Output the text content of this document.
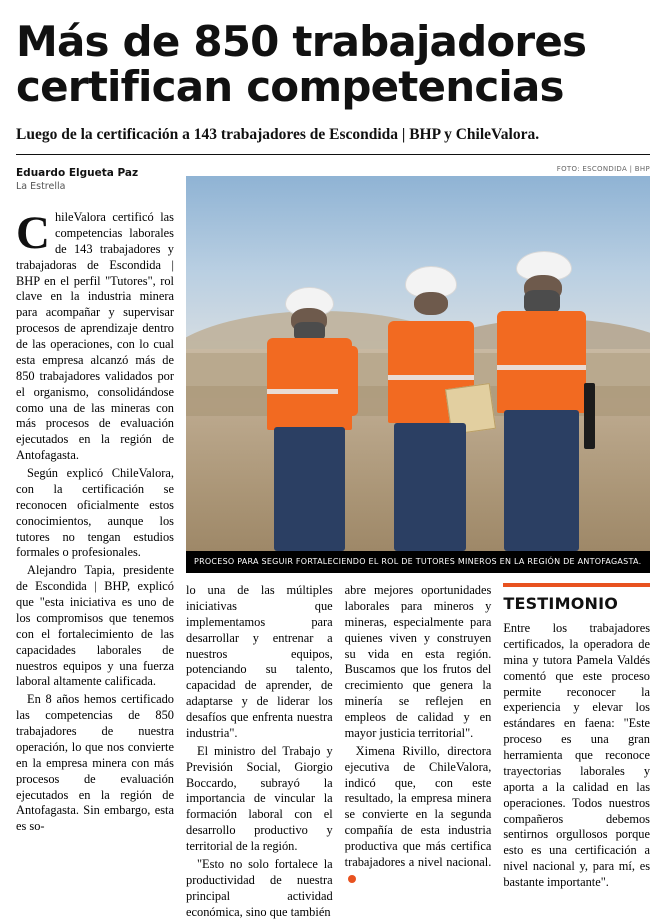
Más de 850 trabajadores
certifican competencias
Luego de la certificación a 143 trabajadores de Escondida | BHP y ChileValora.
Eduardo Elgueta Paz
La Estrella
FOTO: ESCONDIDA | BHP
PROCESO PARA SEGUIR FORTALECIENDO EL ROL DE TUTORES MINEROS EN LA REGIÓN DE ANTOFAGASTA.

ChileValora certificó las competencias laborales de 143 trabajadores y trabajadoras de Escondida | BHP en el perfil "Tutores", rol clave en la industria minera para acompañar y supervisar procesos de aprendizaje dentro de las operaciones, con lo cual esta empresa alcanzó más de 850 trabajadores validados por el organismo, consolidándose como una de las mineras con más procesos de evaluación ejecutados en la región de Antofagasta.

Según explicó ChileValora, con la certificación se reconocen oficialmente estos conocimientos, aunque los tutores no tengan estudios formales o profesionales.

Alejandro Tapia, presidente de Escondida | BHP, explicó que "esta iniciativa es uno de los compromisos que tenemos con el fortalecimiento de las capacidades laborales de nuestros equipos y una fuerza laboral altamente calificada.

En 8 años hemos certificado las competencias de 850 trabajadores de nuestra operación, lo que nos convierte en la empresa minera con más procesos de evaluación ejecutados en la región de Antofagasta. Sin embargo, esta es so-

lo una de las múltiples iniciativas que implementamos para desarrollar y entrenar a nuestros equipos, potenciando su talento, capacidad de aprender, de adaptarse y de liderar los desafíos que enfrenta nuestra industria".

El ministro del Trabajo y Previsión Social, Giorgio Boccardo, subrayó la importancia de vincular la formación laboral con el desarrollo productivo y territorial de la región.

"Esto no solo fortalece la productividad de nuestra principal actividad económica, sino que también

abre mejores oportunidades laborales para mineros y mineras, especialmente para quienes viven y construyen su vida en esta región. Buscamos que los frutos del crecimiento que genera la minería se reflejen en empleos de calidad y en mayor justicia territorial".

Ximena Rivillo, directora ejecutiva de ChileValora, indicó que, con este resultado, la empresa minera se convierte en la segunda compañía de esta industria productiva que más certifica trabajadores a nivel nacional.

TESTIMONIO

Entre los trabajadores certificados, la operadora de mina y tutora Pamela Valdés comentó que este proceso permite reconocer la experiencia y elevar los estándares en faena: "Este proceso es una gran herramienta que reconoce trayectorias laborales y aporta a la calidad en las operaciones. Todos nuestros compañeros debemos sentirnos orgullosos porque esto es una certificación a nivel nacional y, para mí, es bastante importante".
